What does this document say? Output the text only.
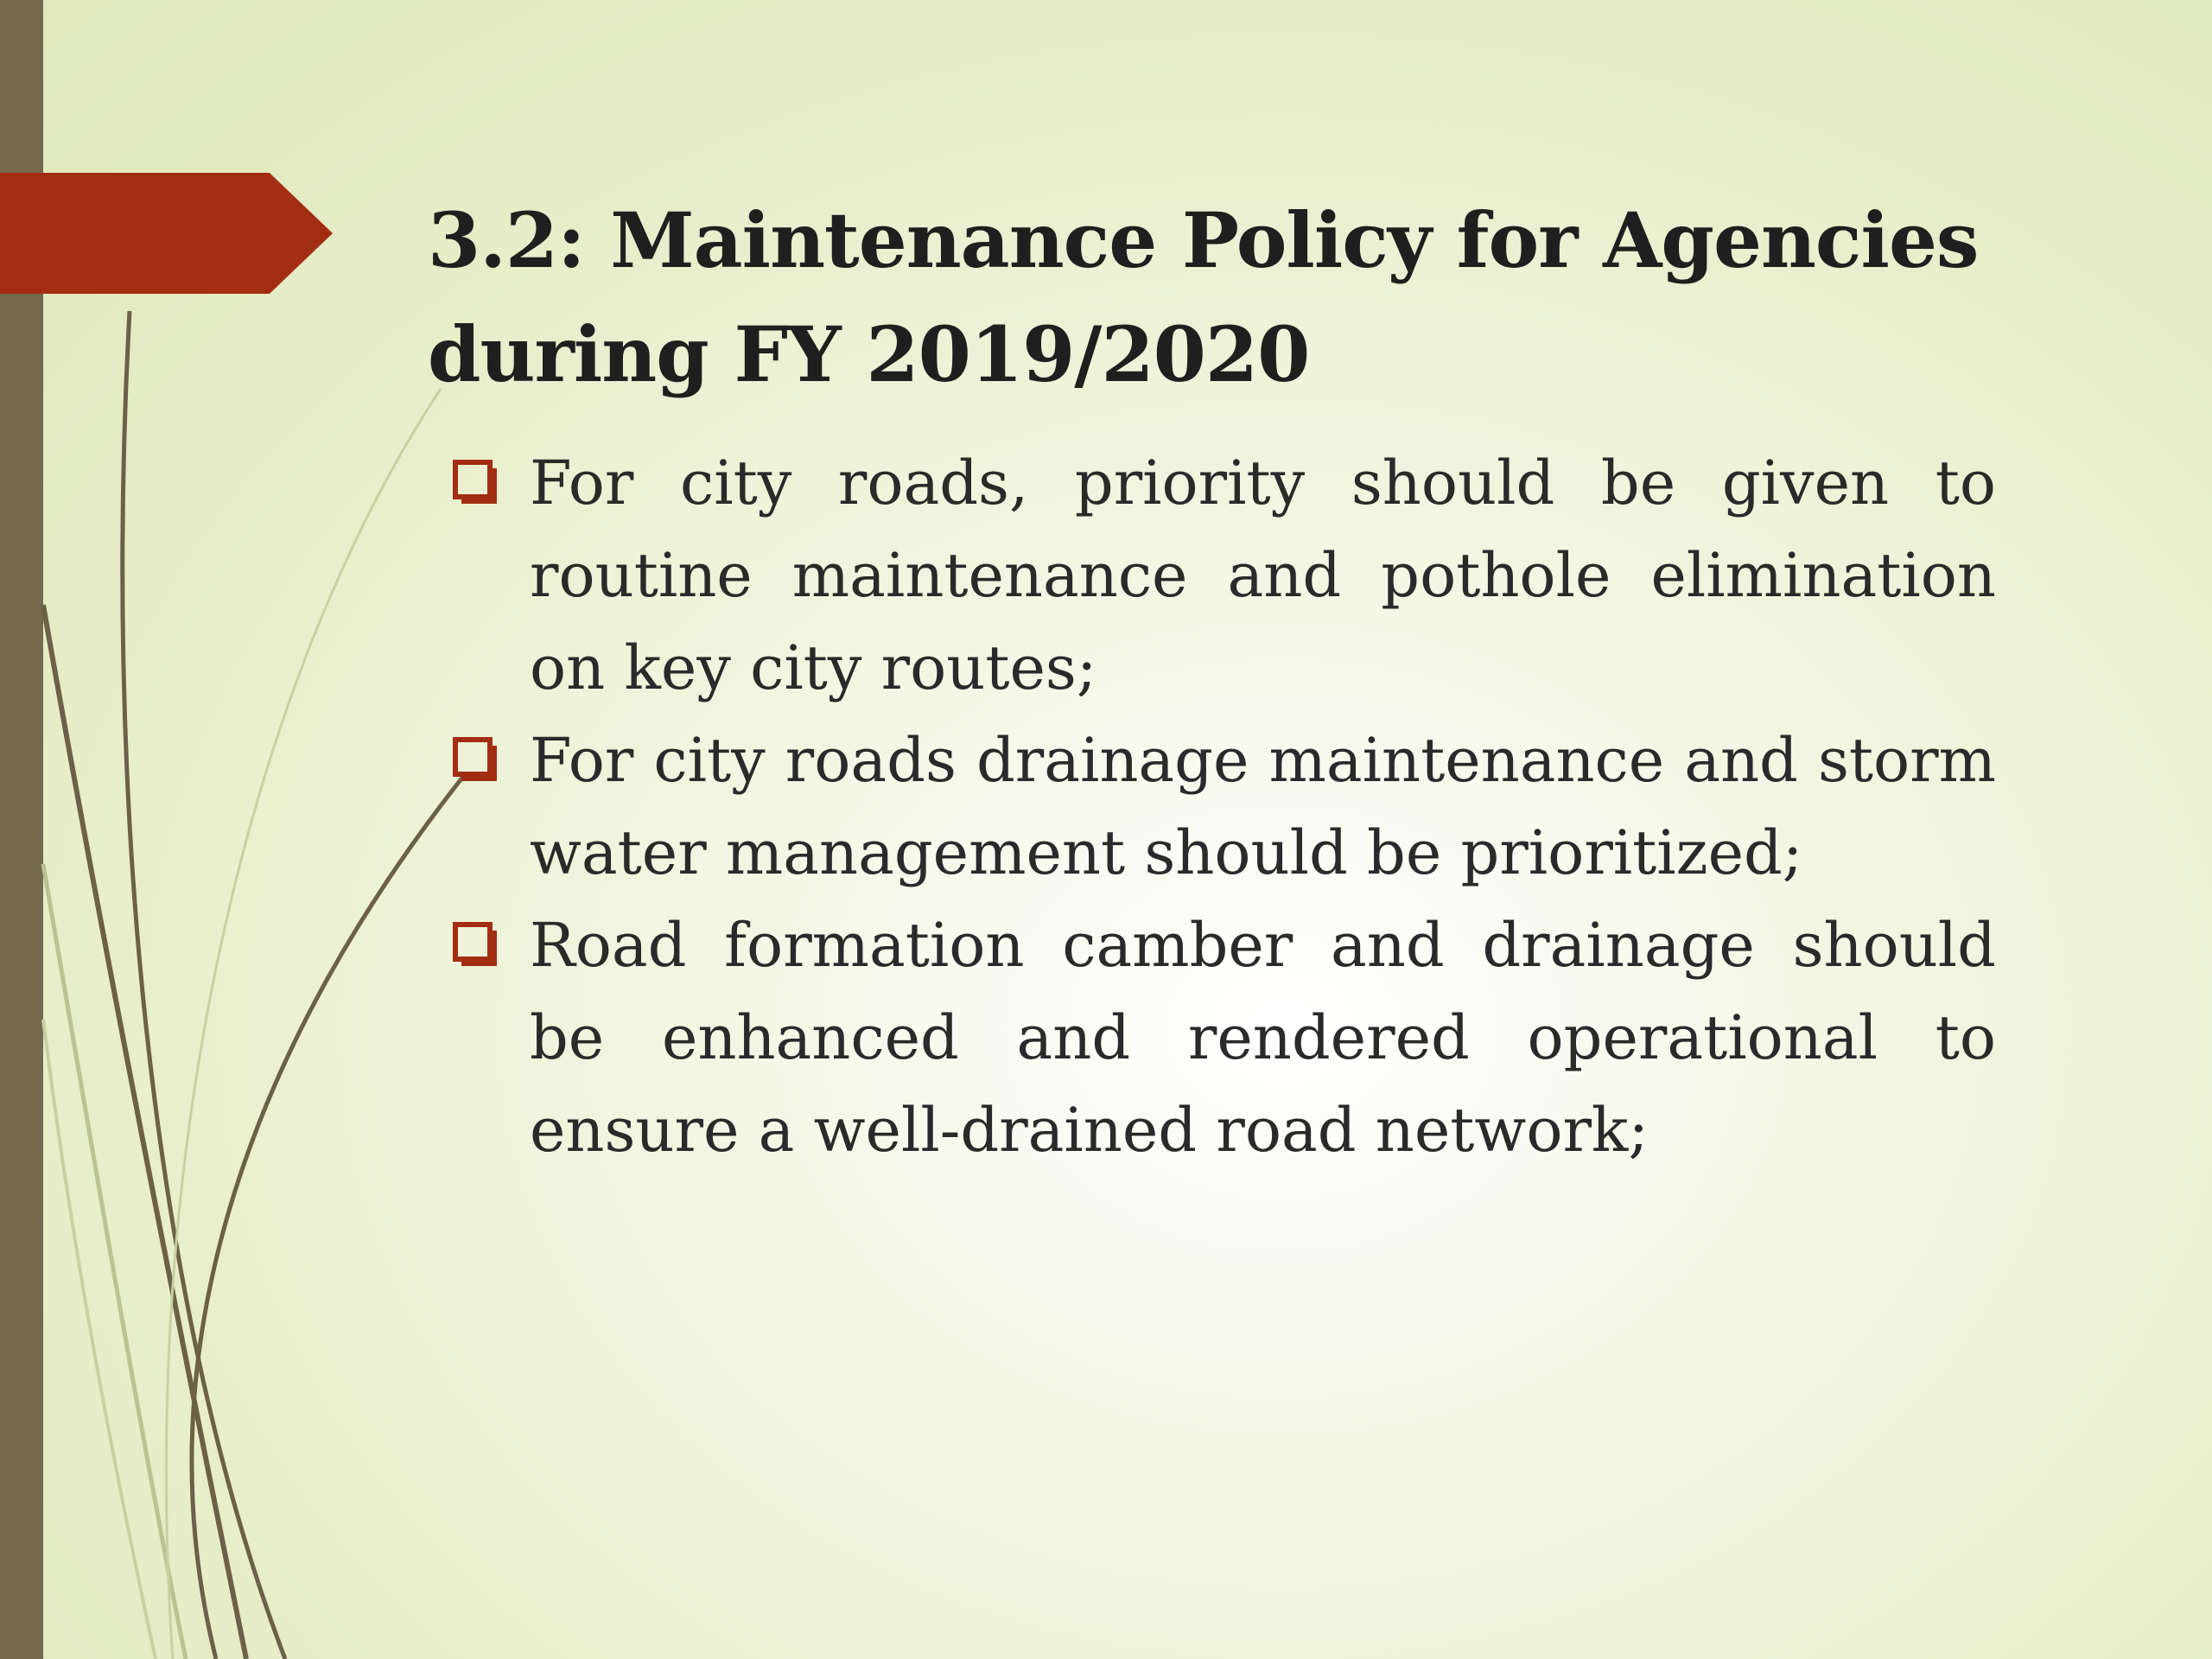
3.2: Maintenance Policy for Agencies
during FY 2019/2020
For city roads, priority should be given to routine maintenance and pothole elimination on key city routes;
For city roads drainage maintenance and storm water management should be prioritized;
Road formation camber and drainage should be enhanced and rendered operational to ensure a well-drained road network;
